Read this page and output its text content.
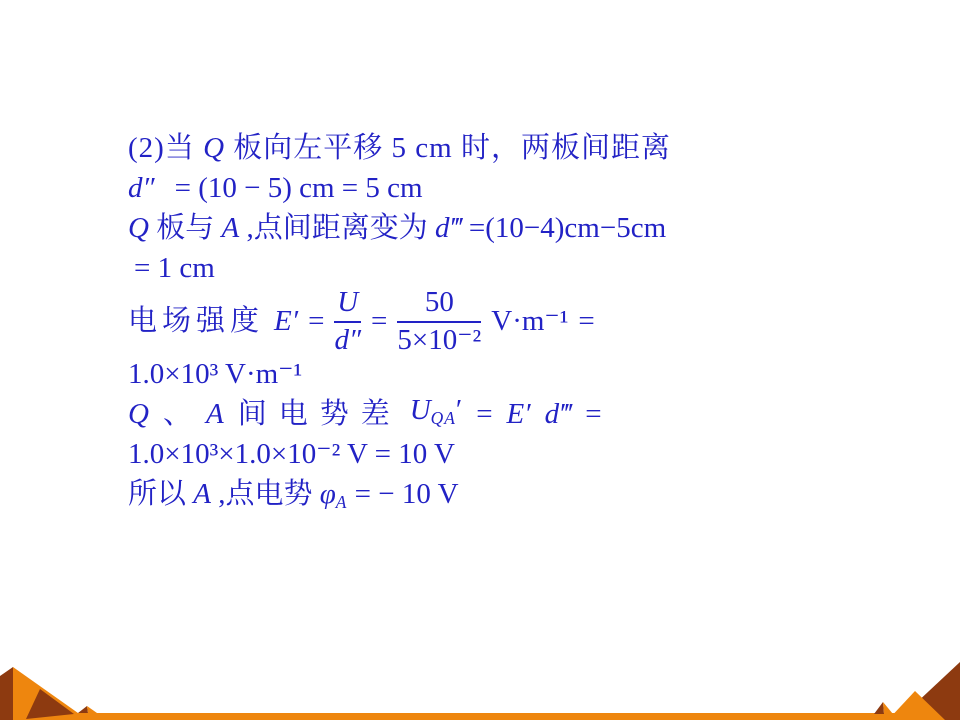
(2)当 Q 板向左平移 5 cm 时，两板间距离
d″ = (10 − 5) cm = 5 cm
Q 板与 A ,点间距离变为 d‴ =(10−4)cm−5cm
= 1 cm
电场强度 $E' = \frac{U}{d''} = \frac{50}{\text{5×10⁻²}} V\cdot m^{-1}$ =
1.0×10³ V·m⁻¹
Q 、 A 间电势差 $U_{QA}' = E'$ d‴ =
1.0×10³×1.0×10⁻² V = 10 V
所以 A ,点电势 $\varphi_A$ = − 10 V
